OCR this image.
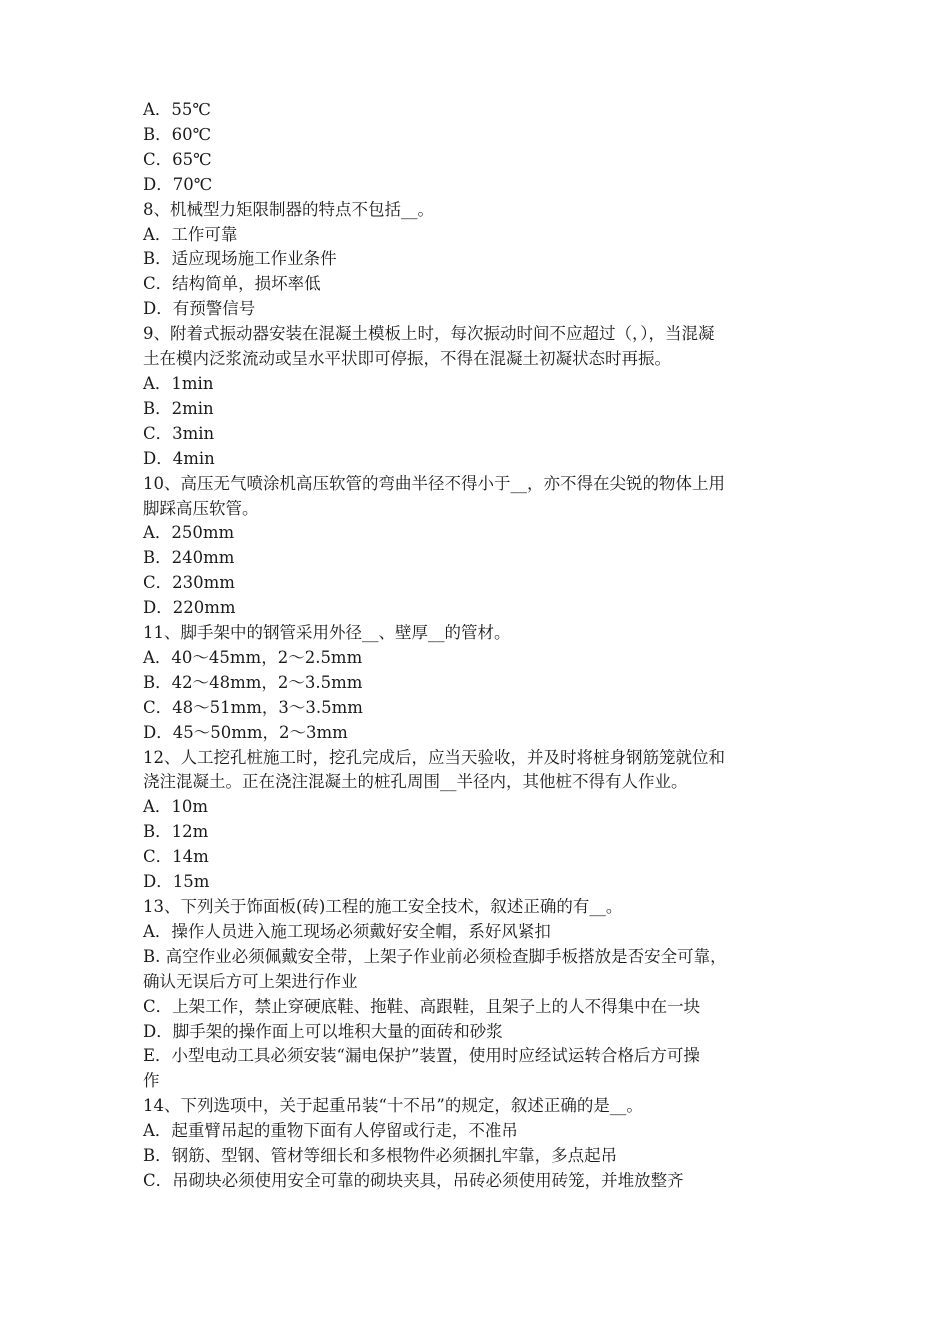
A．55℃
B．60℃
C．65℃
D．70℃
8、机械型力矩限制器的特点不包括__。
A．工作可靠
B．适应现场施工作业条件
C．结构简单，损坏率低
D．有预警信号
9、附着式振动器安装在混凝土模板上时，每次振动时间不应超过（，），当混凝
土在模内泛浆流动或呈水平状即可停振，不得在混凝土初凝状态时再振。
A．1min
B．2min
C．3min
D．4min
10、高压无气喷涂机高压软管的弯曲半径不得小于__，亦不得在尖锐的物体上用
脚踩高压软管。
A．250mm
B．240mm
C．230mm
D．220mm
11、脚手架中的钢管采用外径__、壁厚__的管材。
A．40～45mm，2～2.5mm
B．42～48mm，2～3.5mm
C．48～51mm，3～3.5mm
D．45～50mm，2～3mm
12、人工挖孔桩施工时，挖孔完成后，应当天验收，并及时将桩身钢筋笼就位和
浇注混凝土。正在浇注混凝土的桩孔周围__半径内，其他桩不得有人作业。
A．10m
B．12m
C．14m
D．15m
13、下列关于饰面板(砖)工程的施工安全技术，叙述正确的有__。
A．操作人员进入施工现场必须戴好安全帽，系好风紧扣
B. 高空作业必须佩戴安全带，上架子作业前必须检查脚手板搭放是否安全可靠，
确认无误后方可上架进行作业
C．上架工作，禁止穿硬底鞋、拖鞋、高跟鞋，且架子上的人不得集中在一块
D．脚手架的操作面上可以堆积大量的面砖和砂浆
E．小型电动工具必须安装“漏电保护”装置，使用时应经试运转合格后方可操
作
14、下列选项中，关于起重吊装“十不吊”的规定，叙述正确的是__。
A．起重臂吊起的重物下面有人停留或行走，不准吊
B．钢筋、型钢、管材等细长和多根物件必须捆扎牢靠，多点起吊
C．吊砌块必须使用安全可靠的砌块夹具，吊砖必须使用砖笼，并堆放整齐
